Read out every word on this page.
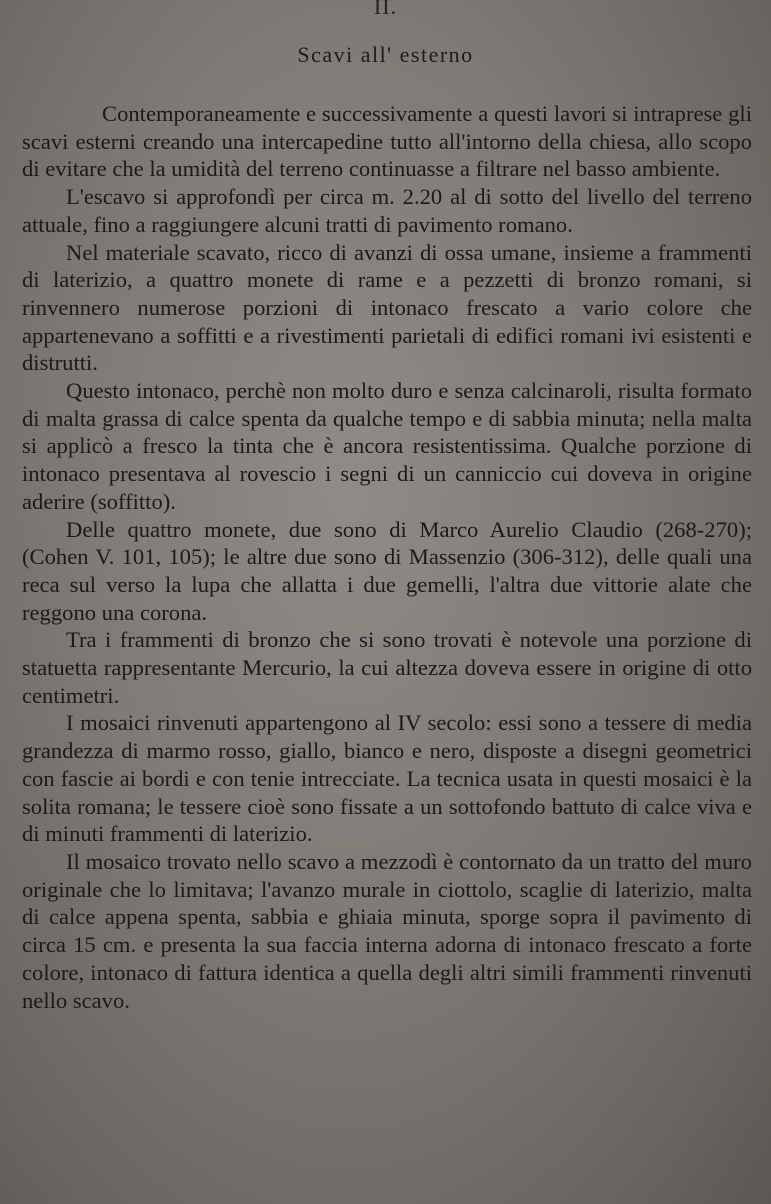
II.
Scavi all' esterno

Contemporaneamente e successivamente a questi lavori si intraprese gli scavi esterni creando una intercapedine tutto all'intorno della chiesa, allo scopo di evitare che la umidità del terreno continuasse a filtrare nel basso ambiente.

L'escavo si approfondì per circa m. 2.20 al di sotto del livello del terreno attuale, fino a raggiungere alcuni tratti di pavimento romano.

Nel materiale scavato, ricco di avanzi di ossa umane, insieme a frammenti di laterizio, a quattro monete di rame e a pezzetti di bronzo romani, si rinvennero numerose porzioni di intonaco frescato a vario colore che appartenevano a soffitti e a rivestimenti parietali di edifici romani ivi esistenti e distrutti.

Questo intonaco, perchè non molto duro e senza calcinaroli, risulta formato di malta grassa di calce spenta da qualche tempo e di sabbia minuta; nella malta si applicò a fresco la tinta che è ancora resistentissima. Qualche porzione di intonaco presentava al rovescio i segni di un canniccio cui doveva in origine aderire (soffitto).

Delle quattro monete, due sono di Marco Aurelio Claudio (268-270); (Cohen V. 101, 105); le altre due sono di Massenzio (306-312), delle quali una reca sul verso la lupa che allatta i due gemelli, l'altra due vittorie alate che reggono una corona.

Tra i frammenti di bronzo che si sono trovati è notevole una porzione di statuetta rappresentante Mercurio, la cui altezza doveva essere in origine di otto centimetri.

I mosaici rinvenuti appartengono al IV secolo: essi sono a tessere di media grandezza di marmo rosso, giallo, bianco e nero, disposte a disegni geometrici con fascie ai bordi e con tenie intrecciate. La tecnica usata in questi mosaici è la solita romana; le tessere cioè sono fissate a un sottofondo battuto di calce viva e di minuti frammenti di laterizio.

Il mosaico trovato nello scavo a mezzodì è contornato da un tratto del muro originale che lo limitava; l'avanzo murale in ciottolo, scaglie di laterizio, malta di calce appena spenta, sabbia e ghiaia minuta, sporge sopra il pavimento di circa 15 cm. e presenta la sua faccia interna adorna di intonaco frescato a forte colore, intonaco di fattura identica a quella degli altri simili frammenti rinvenuti nello scavo.
